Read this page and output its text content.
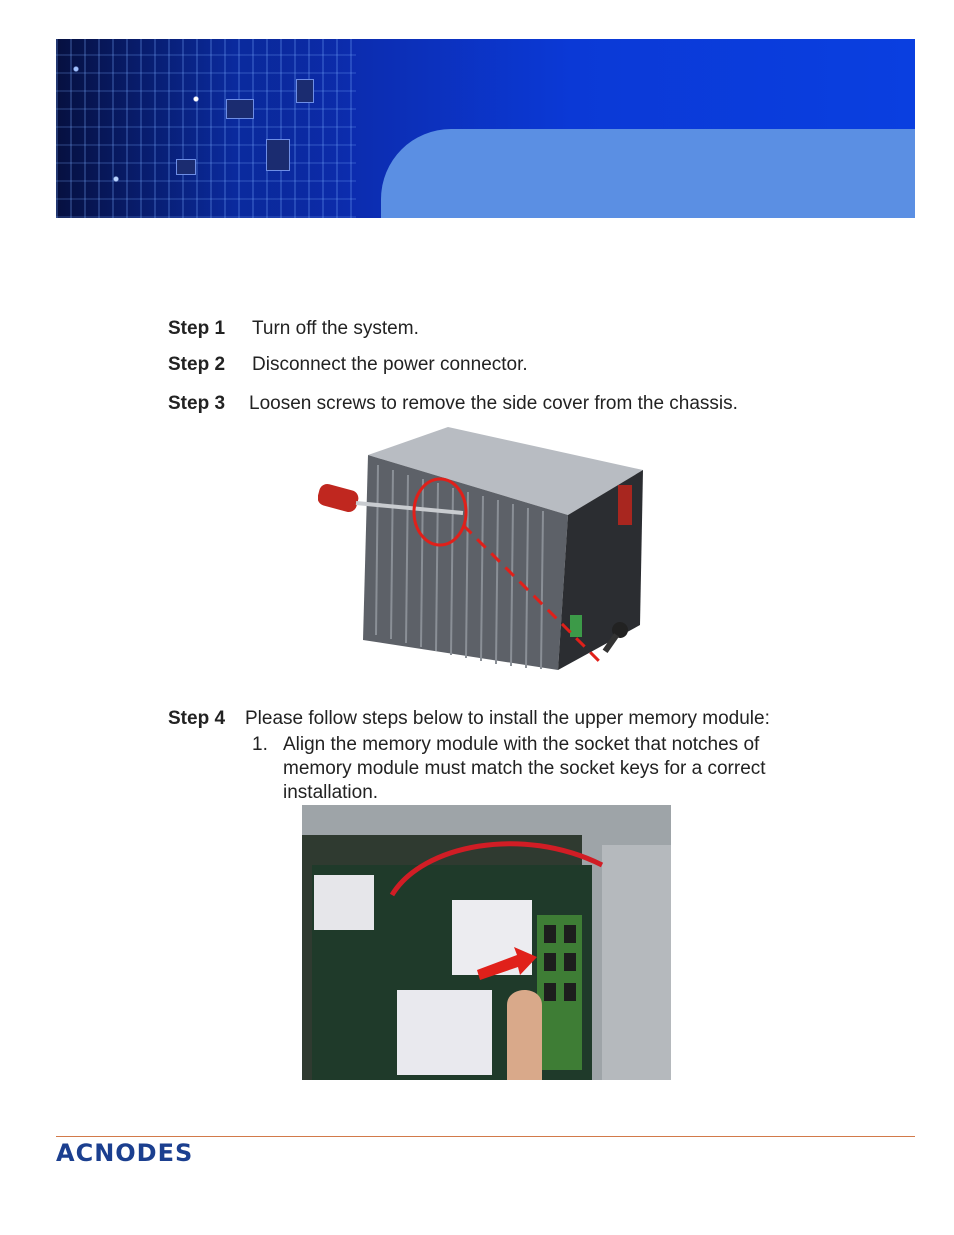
Step 1 Turn off the system.
Step 2 Disconnect the power connector.
Step 3 Loosen screws to remove the side cover from the chassis.
Step 4 Please follow steps below to install the upper memory module:
1. Align the memory module with the socket that notches of
memory module must match the socket keys for a correct
installation.
ACNODES
